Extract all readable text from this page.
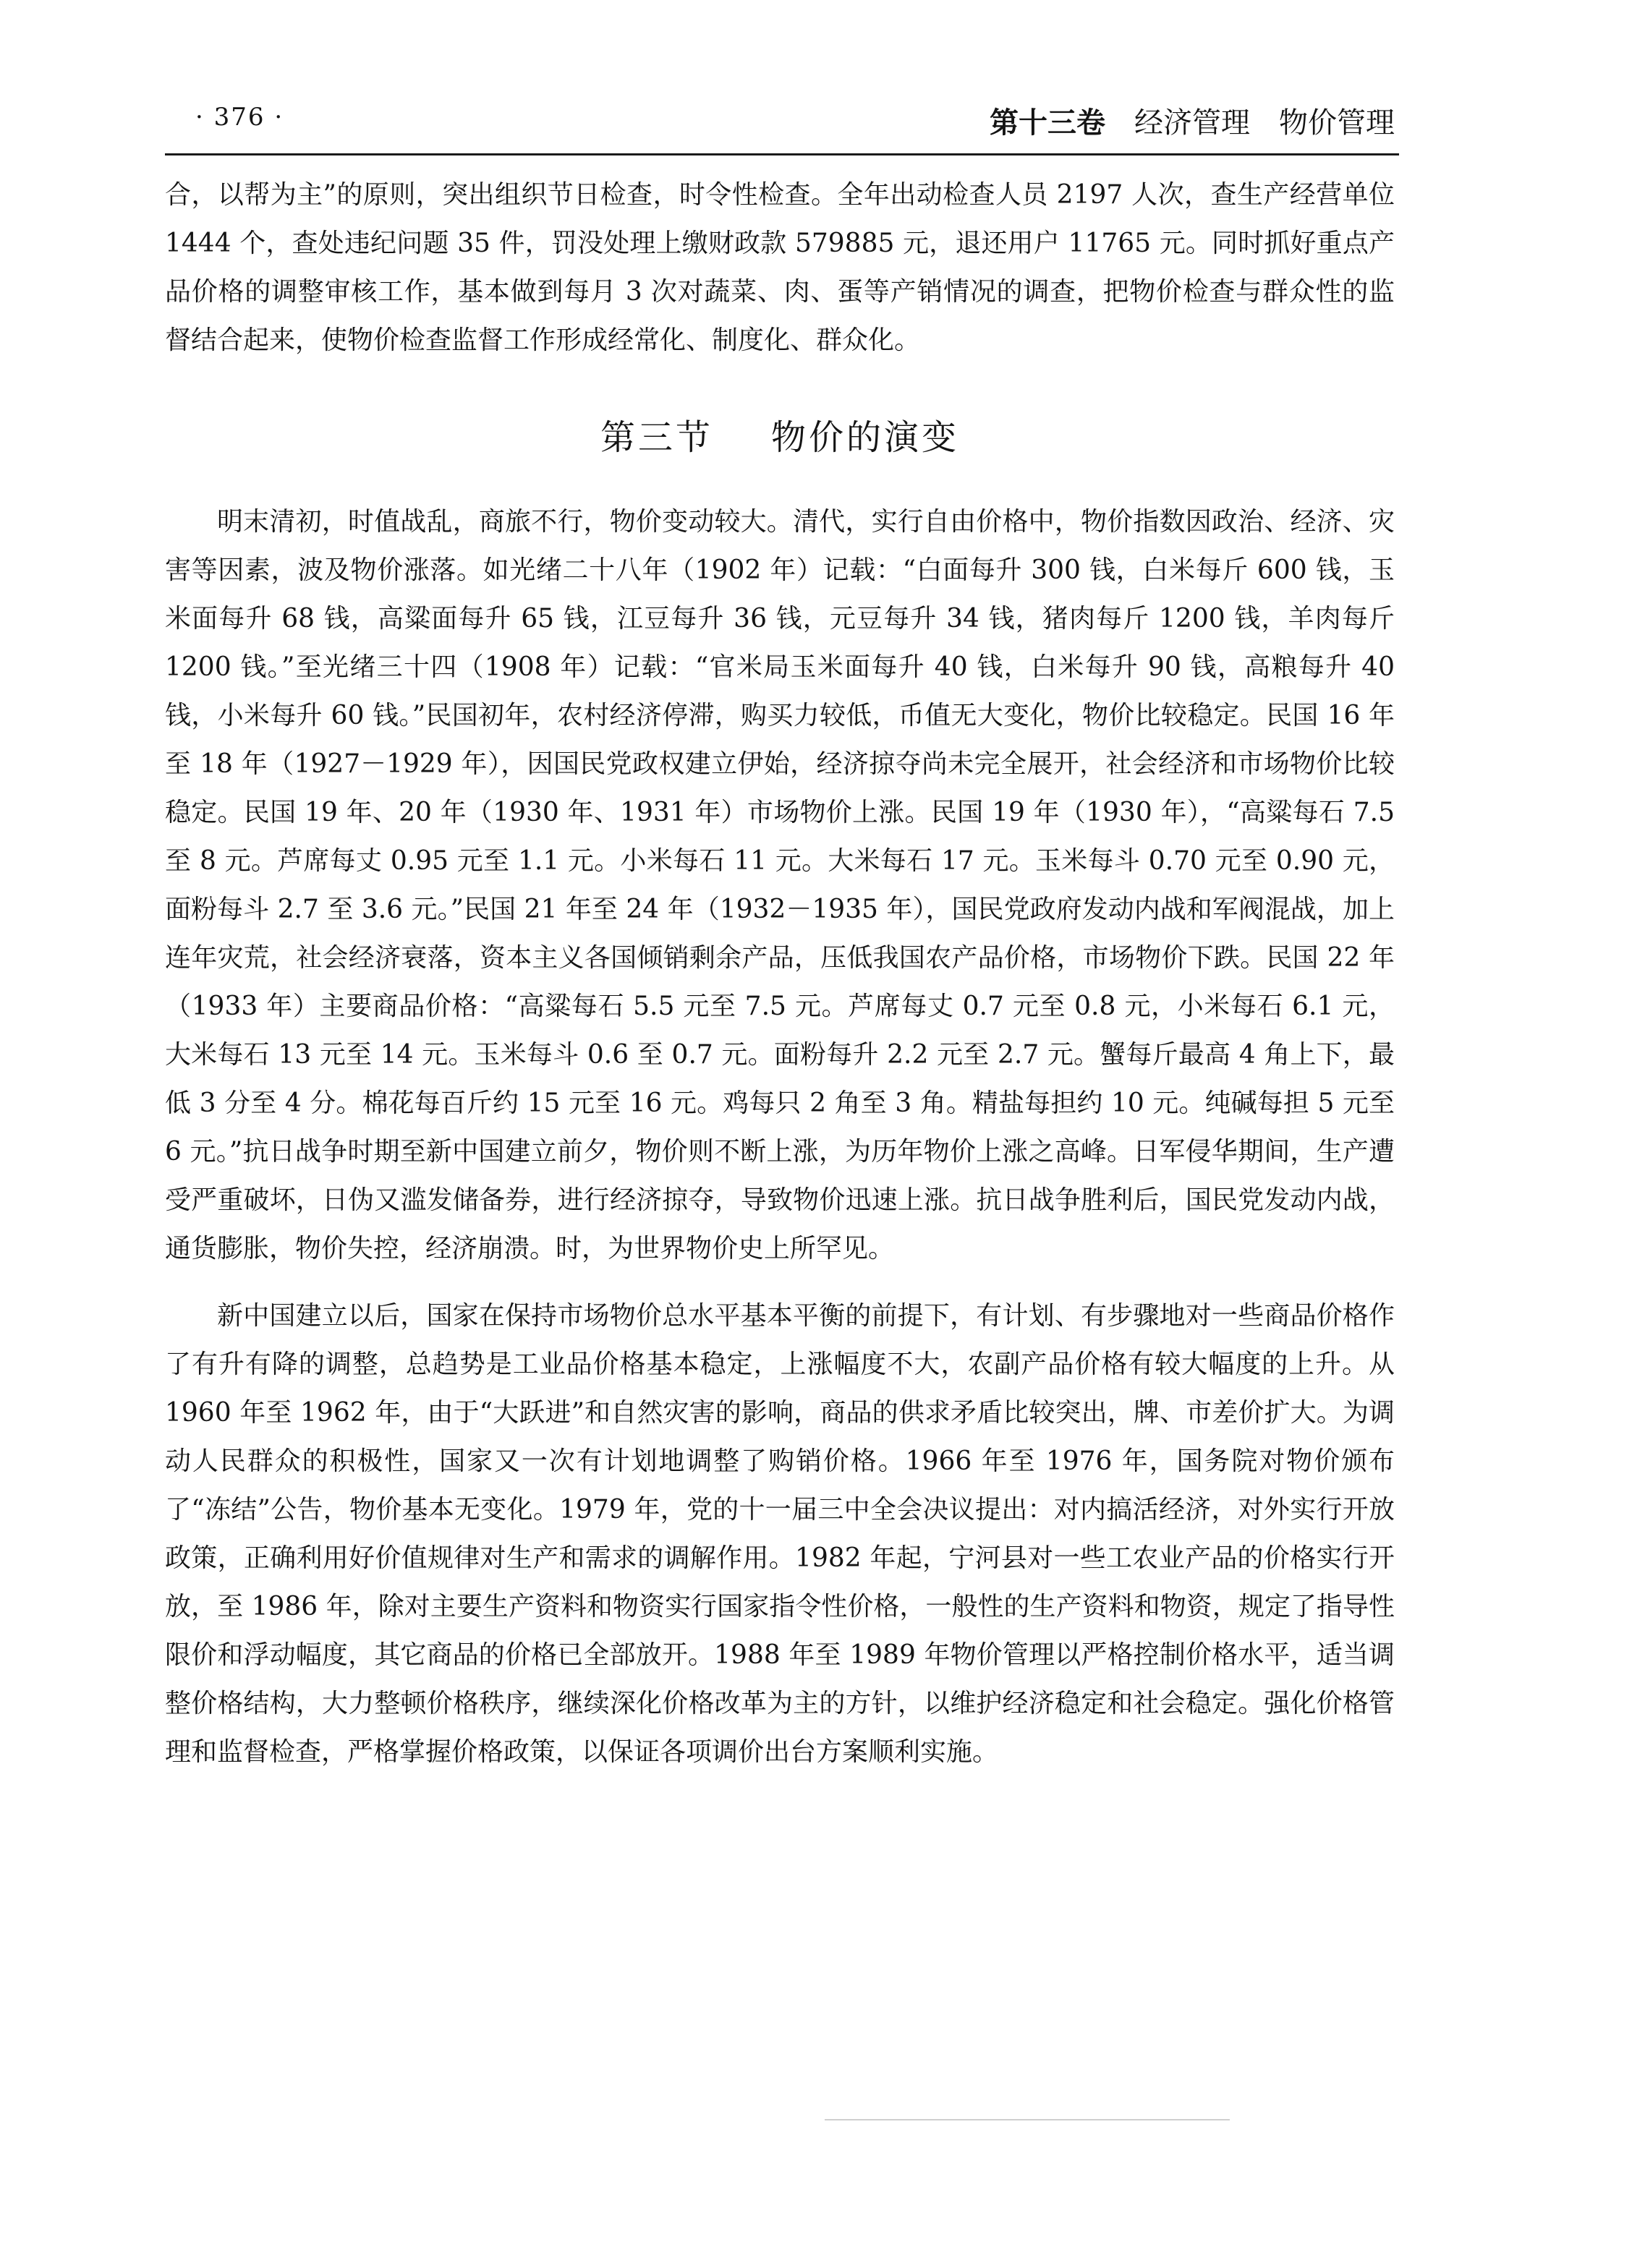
· 376 ·	第十三卷 经济管理 物价管理

合，以帮为主”的原则，突出组织节日检查，时令性检查。全年出动检查人员 2197 人次，查生产经营单位 1444 个，查处违纪问题 35 件，罚没处理上缴财政款 579885 元，退还用户 11765 元。同时抓好重点产品价格的调整审核工作，基本做到每月 3 次对蔬菜、肉、蛋等产销情况的调查，把物价检查与群众性的监督结合起来，使物价检查监督工作形成经常化、制度化、群众化。

第三节 物价的演变

明末清初，时值战乱，商旅不行，物价变动较大。清代，实行自由价格中，物价指数因政治、经济、灾害等因素，波及物价涨落。如光绪二十八年（1902 年）记载：“白面每升 300 钱，白米每斤 600 钱，玉米面每升 68 钱，高粱面每升 65 钱，江豆每升 36 钱，元豆每升 34 钱，猪肉每斤 1200 钱，羊肉每斤 1200 钱。”至光绪三十四（1908 年）记载：“官米局玉米面每升 40 钱，白米每升 90 钱，高粮每升 40 钱，小米每升 60 钱。”民国初年，农村经济停滞，购买力较低，币值无大变化，物价比较稳定。民国 16 年至 18 年（1927－1929 年），因国民党政权建立伊始，经济掠夺尚未完全展开，社会经济和市场物价比较稳定。民国 19 年、20 年（1930 年、1931 年）市场物价上涨。民国 19 年（1930 年），“高粱每石 7.5 至 8 元。芦席每丈 0.95 元至 1.1 元。小米每石 11 元。大米每石 17 元。玉米每斗 0.70 元至 0.90 元，面粉每斗 2.7 至 3.6 元。”民国 21 年至 24 年（1932－1935 年），国民党政府发动内战和军阀混战，加上连年灾荒，社会经济衰落，资本主义各国倾销剩余产品，压低我国农产品价格，市场物价下跌。民国 22 年（1933 年）主要商品价格：“高粱每石 5.5 元至 7.5 元。芦席每丈 0.7 元至 0.8 元，小米每石 6.1 元，大米每石 13 元至 14 元。玉米每斗 0.6 至 0.7 元。面粉每升 2.2 元至 2.7 元。蟹每斤最高 4 角上下，最低 3 分至 4 分。棉花每百斤约 15 元至 16 元。鸡每只 2 角至 3 角。精盐每担约 10 元。纯碱每担 5 元至 6 元。”抗日战争时期至新中国建立前夕，物价则不断上涨，为历年物价上涨之高峰。日军侵华期间，生产遭受严重破坏，日伪又滥发储备券，进行经济掠夺，导致物价迅速上涨。抗日战争胜利后，国民党发动内战，通货膨胀，物价失控，经济崩溃。时，为世界物价史上所罕见。

新中国建立以后，国家在保持市场物价总水平基本平衡的前提下，有计划、有步骤地对一些商品价格作了有升有降的调整，总趋势是工业品价格基本稳定，上涨幅度不大，农副产品价格有较大幅度的上升。从 1960 年至 1962 年，由于“大跃进”和自然灾害的影响，商品的供求矛盾比较突出，牌、市差价扩大。为调动人民群众的积极性，国家又一次有计划地调整了购销价格。1966 年至 1976 年，国务院对物价颁布了“冻结”公告，物价基本无变化。1979 年，党的十一届三中全会决议提出：对内搞活经济，对外实行开放政策，正确利用好价值规律对生产和需求的调解作用。1982 年起，宁河县对一些工农业产品的价格实行开放，至 1986 年，除对主要生产资料和物资实行国家指令性价格，一般性的生产资料和物资，规定了指导性限价和浮动幅度，其它商品的价格已全部放开。1988 年至 1989 年物价管理以严格控制价格水平，适当调整价格结构，大力整顿价格秩序，继续深化价格改革为主的方针，以维护经济稳定和社会稳定。强化价格管理和监督检查，严格掌握价格政策，以保证各项调价出台方案顺利实施。
